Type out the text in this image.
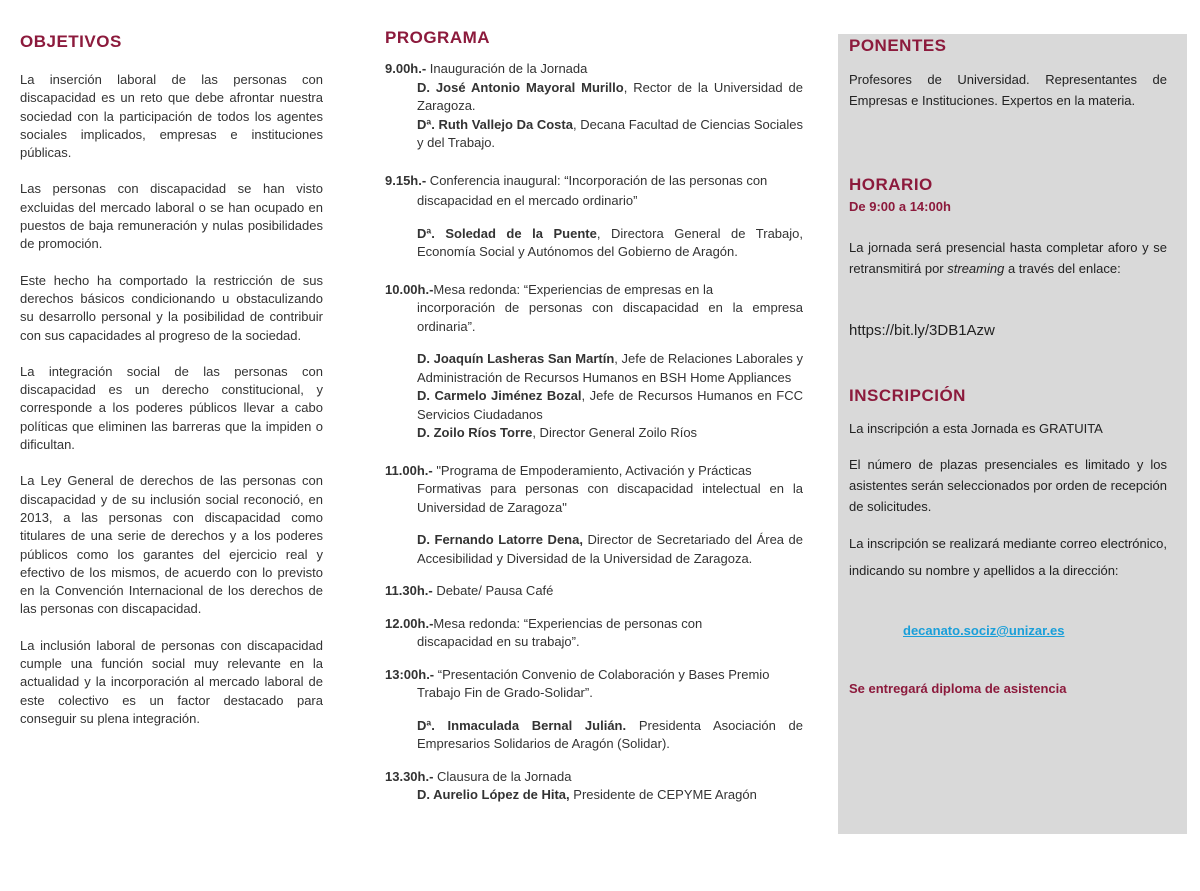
OBJETIVOS

La inserción laboral de las personas con discapacidad es un reto que debe afrontar nuestra sociedad con la participación de todos los agentes sociales implicados, empresas e instituciones públicas.

Las personas con discapacidad se han visto excluidas del mercado laboral o se han ocupado en puestos de baja remuneración y nulas posibilidades de promoción.

Este hecho ha comportado la restricción de sus derechos básicos condicionando u obstaculizando su desarrollo personal y la posibilidad de contribuir con sus capacidades al progreso de la sociedad.

La integración social de las personas con discapacidad es un derecho constitucional, y corresponde a los poderes públicos llevar a cabo políticas que eliminen las barreras que la impiden o dificultan.

La Ley General de derechos de las personas con discapacidad y de su inclusión social reconoció, en 2013, a las personas con discapacidad como titulares de una serie de derechos y a los poderes públicos como los garantes del ejercicio real y efectivo de los mismos, de acuerdo con lo previsto en la Convención Internacional de los derechos de las personas con discapacidad.

La inclusión laboral de personas con discapacidad cumple una función social muy relevante en la actualidad y la incorporación al mercado laboral de este colectivo es un factor destacado para conseguir su plena integración.

PROGRAMA
9.00h.- Inauguración de la Jornada
D. José Antonio Mayoral Murillo, Rector de la Universidad de Zaragoza.
Dª. Ruth Vallejo Da Costa, Decana Facultad de Ciencias Sociales y del Trabajo.
9.15h.- Conferencia inaugural: “Incorporación de las personas con
discapacidad en el mercado ordinario”
Dª. Soledad de la Puente, Directora General de Trabajo, Economía Social y Autónomos del Gobierno de Aragón.
10.00h.-Mesa redonda: “Experiencias de empresas en la
incorporación de personas con discapacidad en la empresa ordinaria”.
D. Joaquín Lasheras San Martín, Jefe de Relaciones Laborales y Administración de Recursos Humanos en BSH Home Appliances
D. Carmelo Jiménez Bozal, Jefe de Recursos Humanos en FCC Servicios Ciudadanos
D. Zoilo Ríos Torre, Director General Zoilo Ríos
11.00h.- "Programa de Empoderamiento, Activación y Prácticas
Formativas para personas con discapacidad intelectual en la Universidad de Zaragoza"
D. Fernando Latorre Dena, Director de Secretariado del Área de Accesibilidad y Diversidad de la Universidad de Zaragoza.
11.30h.- Debate/ Pausa Café
12.00h.-Mesa redonda: “Experiencias de personas con
discapacidad en su trabajo”.
13:00h.- “Presentación Convenio de Colaboración y Bases Premio
Trabajo Fin de Grado-Solidar”.
Dª. Inmaculada Bernal Julián. Presidenta Asociación de Empresarios Solidarios de Aragón (Solidar).
13.30h.- Clausura de la Jornada
D. Aurelio López de Hita, Presidente de CEPYME Aragón
PONENTES
Profesores de Universidad. Representantes de Empresas e Instituciones. Expertos en la materia.
HORARIO
De 9:00 a 14:00h
La jornada será presencial hasta completar aforo y se retransmitirá por streaming a través del enlace:
https://bit.ly/3DB1Azw
INSCRIPCIÓN
La inscripción a esta Jornada es GRATUITA
El número de plazas presenciales es limitado y los asistentes serán seleccionados por orden de recepción de solicitudes.
La inscripción se realizará mediante correo electrónico, indicando su nombre y apellidos a la dirección:
decanato.sociz@unizar.es
Se entregará diploma de asistencia
